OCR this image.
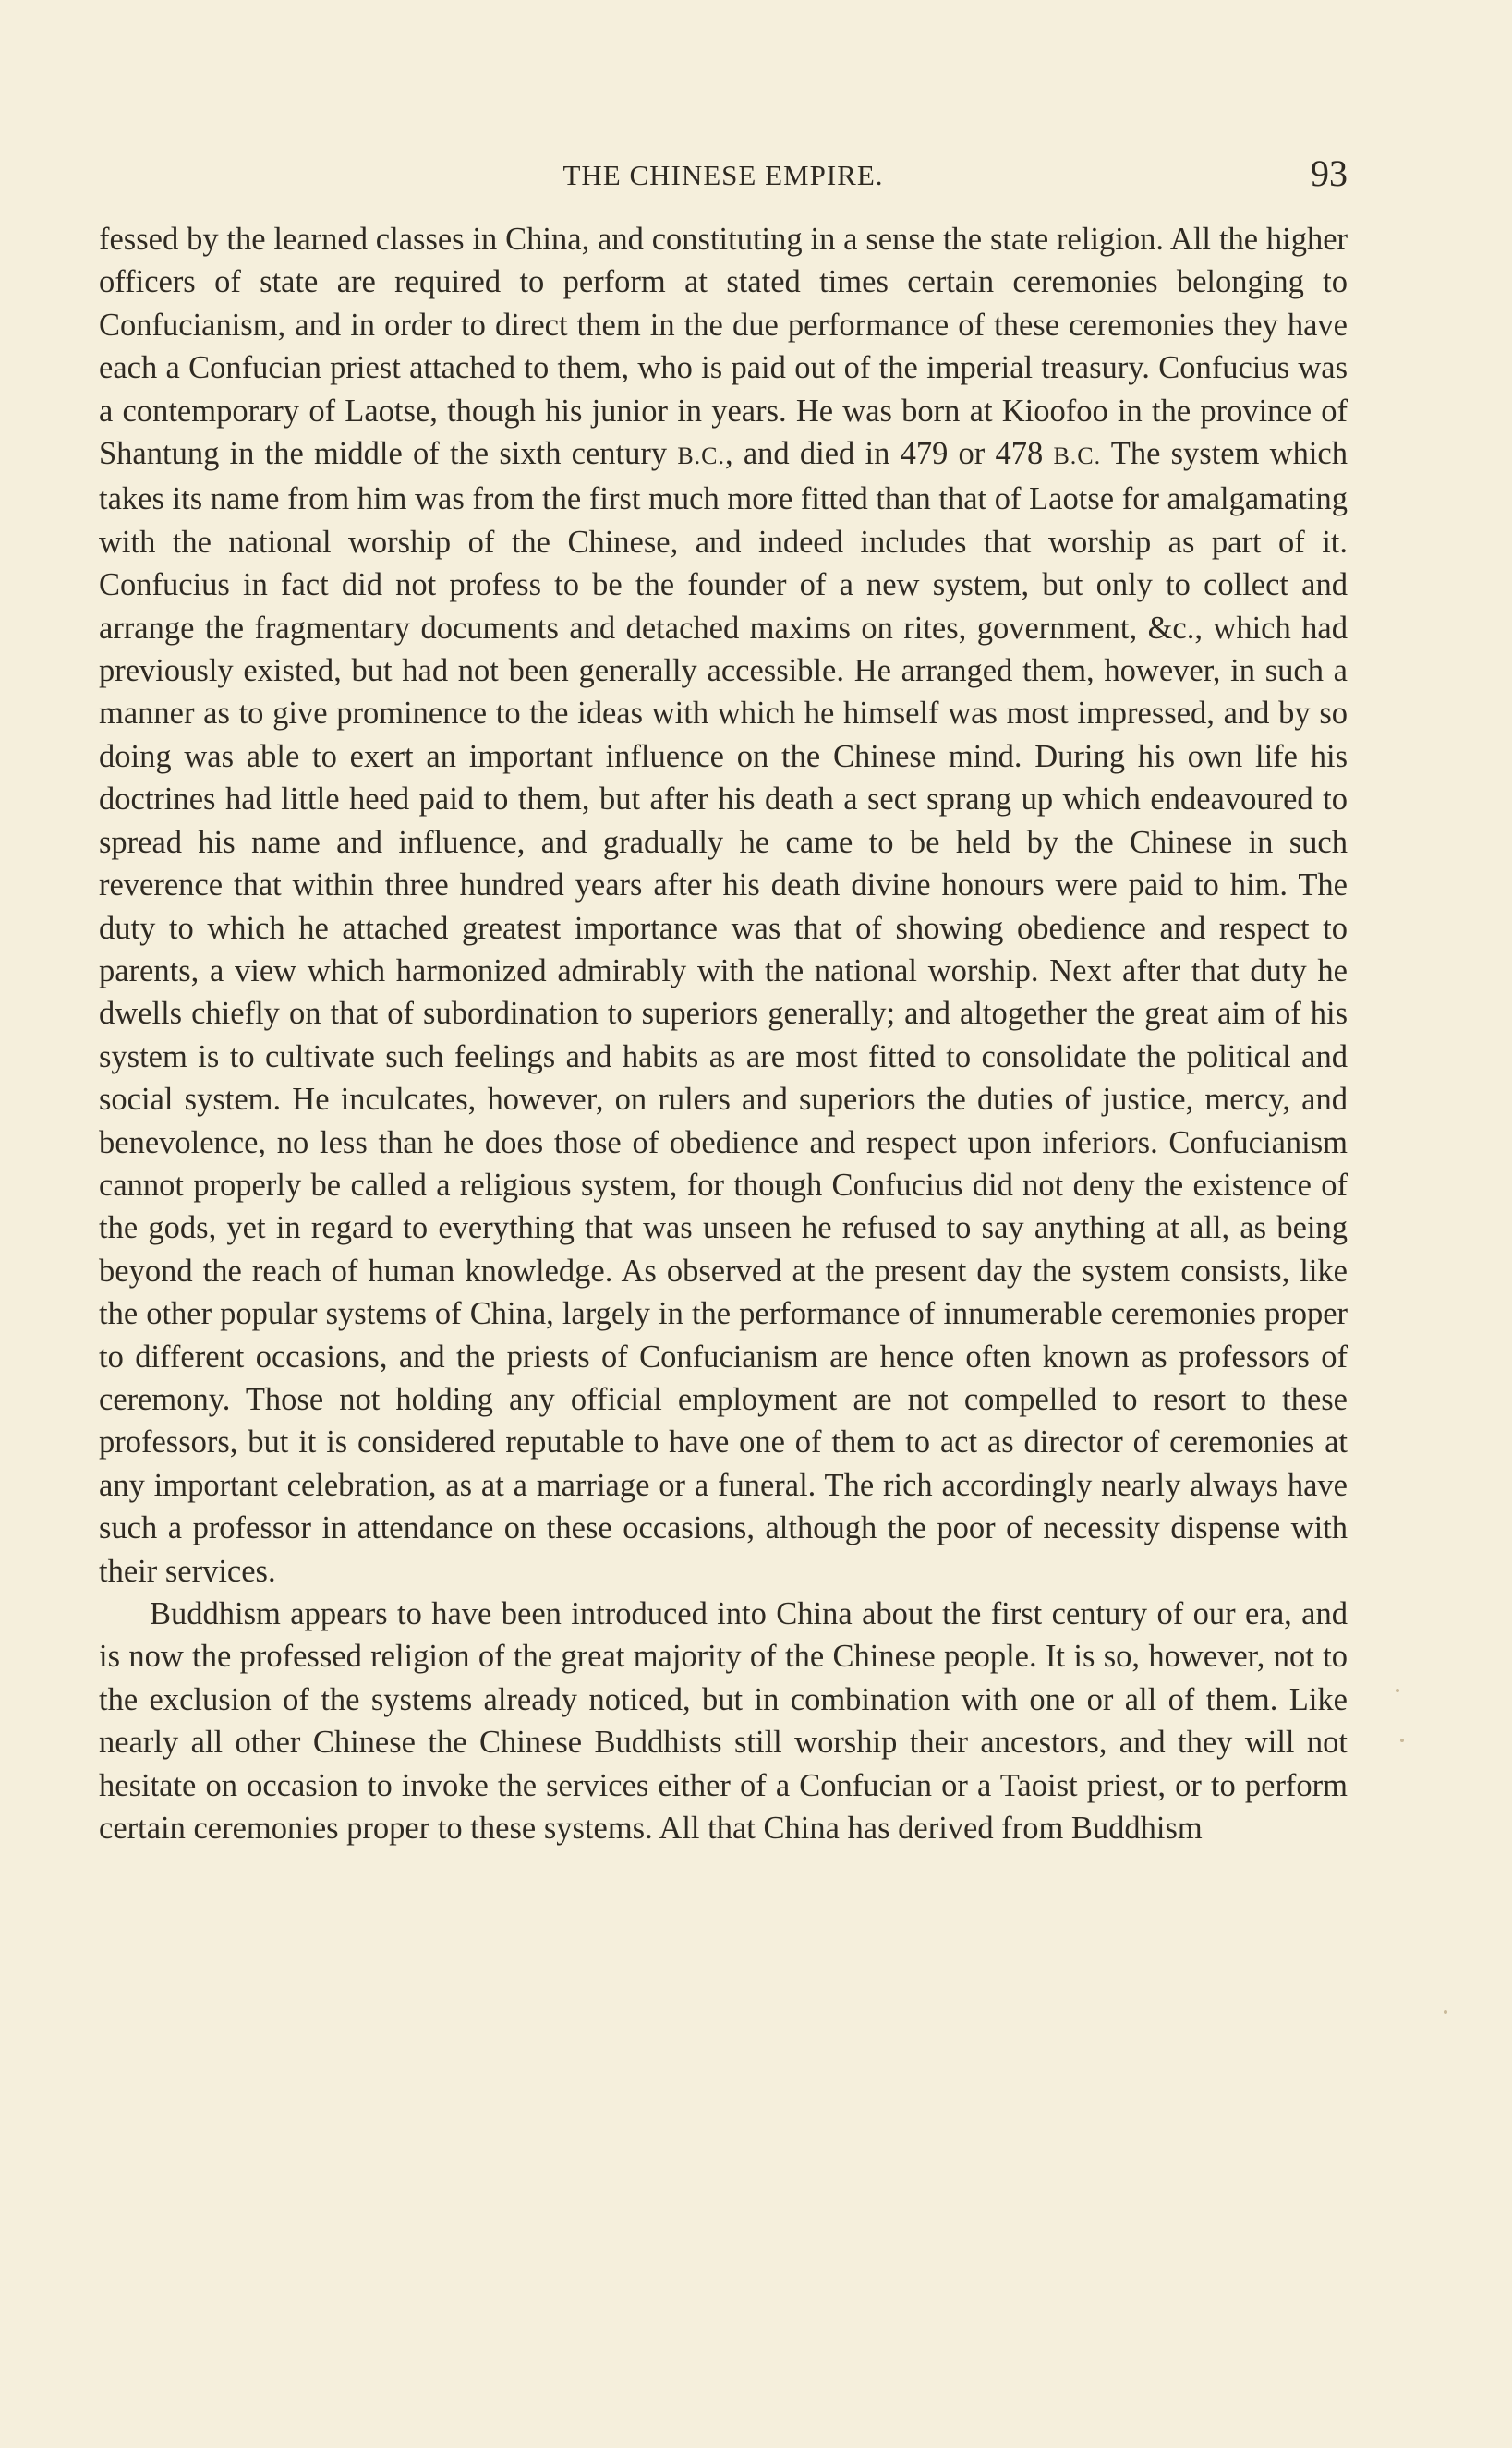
THE CHINESE EMPIRE.	93

fessed by the learned classes in China, and constituting in a sense the state religion. All the higher officers of state are required to perform at stated times certain ceremonies belonging to Confucianism, and in order to direct them in the due performance of these ceremonies they have each a Confucian priest attached to them, who is paid out of the imperial treasury. Confucius was a contemporary of Laotse, though his junior in years. He was born at Kioofoo in the province of Shantung in the middle of the sixth century B.C., and died in 479 or 478 B.C. The system which takes its name from him was from the first much more fitted than that of Laotse for amalgamating with the national worship of the Chinese, and indeed includes that worship as part of it. Confucius in fact did not profess to be the founder of a new system, but only to collect and arrange the fragmentary documents and detached maxims on rites, government, &c., which had previously existed, but had not been generally accessible. He arranged them, however, in such a manner as to give prominence to the ideas with which he himself was most impressed, and by so doing was able to exert an important influence on the Chinese mind. During his own life his doctrines had little heed paid to them, but after his death a sect sprang up which endeavoured to spread his name and influence, and gradually he came to be held by the Chinese in such reverence that within three hundred years after his death divine honours were paid to him. The duty to which he attached greatest importance was that of showing obedience and respect to parents, a view which harmonized admirably with the national worship. Next after that duty he dwells chiefly on that of subordination to superiors generally; and altogether the great aim of his system is to cultivate such feelings and habits as are most fitted to consolidate the political and social system. He inculcates, however, on rulers and superiors the duties of justice, mercy, and benevolence, no less than he does those of obedience and respect upon inferiors. Confucianism cannot properly be called a religious system, for though Confucius did not deny the existence of the gods, yet in regard to everything that was unseen he refused to say anything at all, as being beyond the reach of human knowledge. As observed at the present day the system consists, like the other popular systems of China, largely in the performance of innumerable ceremonies proper to different occasions, and the priests of Confucianism are hence often known as professors of ceremony. Those not holding any official employment are not compelled to resort to these professors, but it is considered reputable to have one of them to act as director of ceremonies at any important celebration, as at a marriage or a funeral. The rich accordingly nearly always have such a professor in attendance on these occasions, although the poor of necessity dispense with their services.

Buddhism appears to have been introduced into China about the first century of our era, and is now the professed religion of the great majority of the Chinese people. It is so, however, not to the exclusion of the systems already noticed, but in combination with one or all of them. Like nearly all other Chinese the Chinese Buddhists still worship their ancestors, and they will not hesitate on occasion to invoke the services either of a Confucian or a Taoist priest, or to perform certain ceremonies proper to these systems. All that China has derived from Buddhism
